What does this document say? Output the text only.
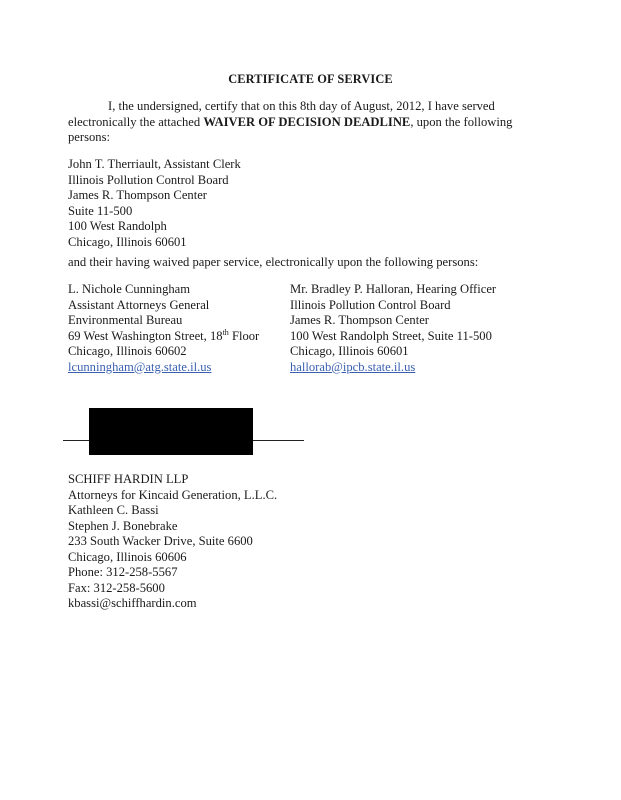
CERTIFICATE OF SERVICE
I, the undersigned, certify that on this 8th day of August, 2012, I have served electronically the attached WAIVER OF DECISION DEADLINE, upon the following persons:
John T. Therriault, Assistant Clerk
Illinois Pollution Control Board
James R. Thompson Center
Suite 11-500
100 West Randolph
Chicago, Illinois 60601
and their having waived paper service, electronically upon the following persons:
L. Nichole Cunningham
Assistant Attorneys General
Environmental Bureau
69 West Washington Street, 18th Floor
Chicago, Illinois 60602
lcunningham@atg.state.il.us
Mr. Bradley P. Halloran, Hearing Officer
Illinois Pollution Control Board
James R. Thompson Center
100 West Randolph Street, Suite 11-500
Chicago, Illinois 60601
hallorab@ipcb.state.il.us
SCHIFF HARDIN LLP
Attorneys for Kincaid Generation, L.L.C.
Kathleen C. Bassi
Stephen J. Bonebrake
233 South Wacker Drive, Suite 6600
Chicago, Illinois 60606
Phone: 312-258-5567
Fax: 312-258-5600
kbassi@schiffhardin.com
